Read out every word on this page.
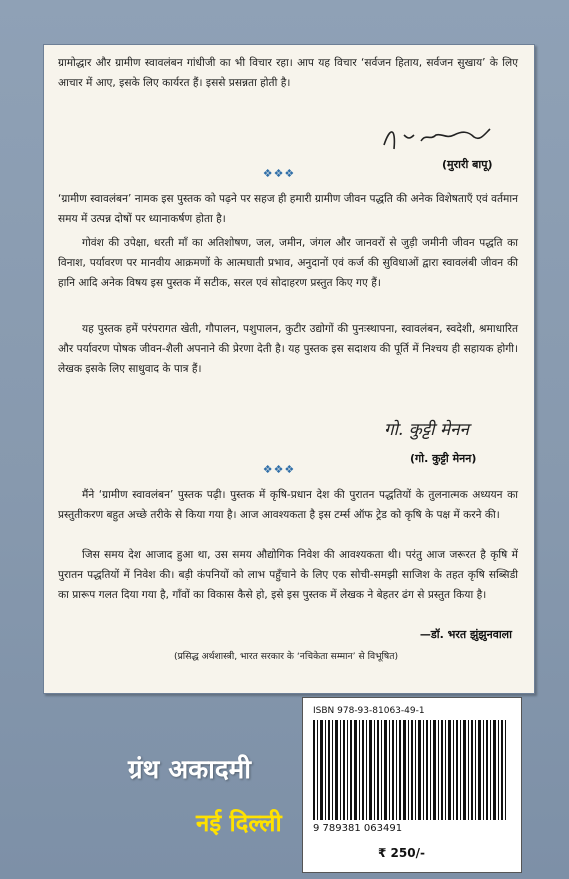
ग्रामोद्धार और ग्रामीण स्वावलंबन गांधीजी का भी विचार रहा। आप यह विचार ‘सर्वजन हिताय, सर्वजन सुखाय’ के लिए आचार में आए, इसके लिए कार्यरत हैं। इससे प्रसन्नता होती है।

(मुरारी बापू)
❖❖❖

‘ग्रामीण स्वावलंबन’ नामक इस पुस्तक को पढ़ने पर सहज ही हमारी ग्रामीण जीवन पद्धति की अनेक विशेषताएँ एवं वर्तमान समय में उत्पन्न दोषों पर ध्यानाकर्षण होता है।

गोवंश की उपेक्षा, धरती माँ का अतिशोषण, जल, जमीन, जंगल और जानवरों से जुड़ी जमीनी जीवन पद्धति का विनाश, पर्यावरण पर मानवीय आक्रमणों के आत्मघाती प्रभाव, अनुदानों एवं कर्ज की सुविधाओं द्वारा स्वावलंबी जीवन की हानि आदि अनेक विषय इस पुस्तक में सटीक, सरल एवं सोदाहरण प्रस्तुत किए गए हैं।

यह पुस्तक हमें परंपरागत खेती, गौपालन, पशुपालन, कुटीर उद्योगों की पुनःस्थापना, स्वावलंबन, स्वदेशी, श्रमाधारित और पर्यावरण पोषक जीवन-शैली अपनाने की प्रेरणा देती है। यह पुस्तक इस सदाशय की पूर्ति में निश्चय ही सहायक होगी। लेखक इसके लिए साधुवाद के पात्र हैं।

गो. कुट्टी मेनन
(गो. कुट्टी मेनन)
❖❖❖

मैंने ‘ग्रामीण स्वावलंबन’ पुस्तक पढ़ी। पुस्तक में कृषि-प्रधान देश की पुरातन पद्धतियों के तुलनात्मक अध्ययन का प्रस्तुतीकरण बहुत अच्छे तरीके से किया गया है। आज आवश्यकता है इस टर्म्स ऑफ ट्रेड को कृषि के पक्ष में करने की।

जिस समय देश आजाद हुआ था, उस समय औद्योगिक निवेश की आवश्यकता थी। परंतु आज जरूरत है कृषि में पुरातन पद्धतियों में निवेश की। बड़ी कंपनियों को लाभ पहुँचाने के लिए एक सोची-समझी साजिश के तहत कृषि सब्सिडी का प्रारूप गलत दिया गया है, गाँवों का विकास कैसे हो, इसे इस पुस्तक में लेखक ने बेहतर ढंग से प्रस्तुत किया है।

—डॉ. भरत झुंझुनवाला
(प्रसिद्ध अर्थशास्त्री, भारत सरकार के ‘नचिकेता सम्मान’ से विभूषित)
ग्रंथ अकादमी
नई दिल्ली
ISBN 978-93-81063-49-1
9 789381 063491
₹ 250/-
